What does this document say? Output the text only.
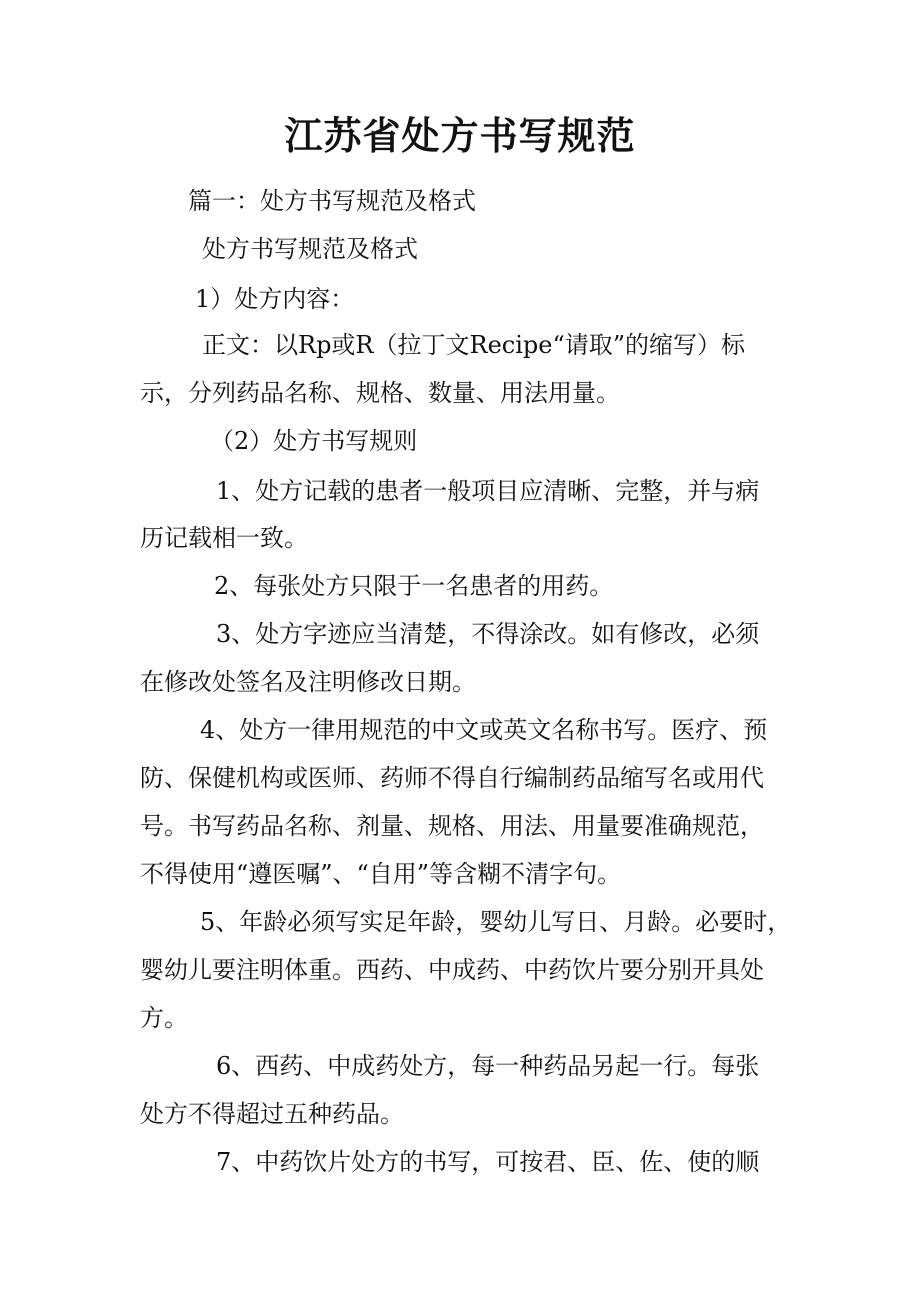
江苏省处方书写规范
篇一：处方书写规范及格式
处方书写规范及格式
1）处方内容：
正文：以Rp或R（拉丁文Recipe“请取”的缩写）标
示，分列药品名称、规格、数量、用法用量。
（2）处方书写规则
1、处方记载的患者一般项目应清晰、完整，并与病
历记载相一致。
2、每张处方只限于一名患者的用药。
3、处方字迹应当清楚，不得涂改。如有修改，必须
在修改处签名及注明修改日期。
4、处方一律用规范的中文或英文名称书写。医疗、预
防、保健机构或医师、药师不得自行编制药品缩写名或用代
号。书写药品名称、剂量、规格、用法、用量要准确规范，
不得使用“遵医嘱”、“自用”等含糊不清字句。
5、年龄必须写实足年龄，婴幼儿写日、月龄。必要时，
婴幼儿要注明体重。西药、中成药、中药饮片要分别开具处
方。
6、西药、中成药处方，每一种药品另起一行。每张
处方不得超过五种药品。
7、中药饮片处方的书写，可按君、臣、佐、使的顺
